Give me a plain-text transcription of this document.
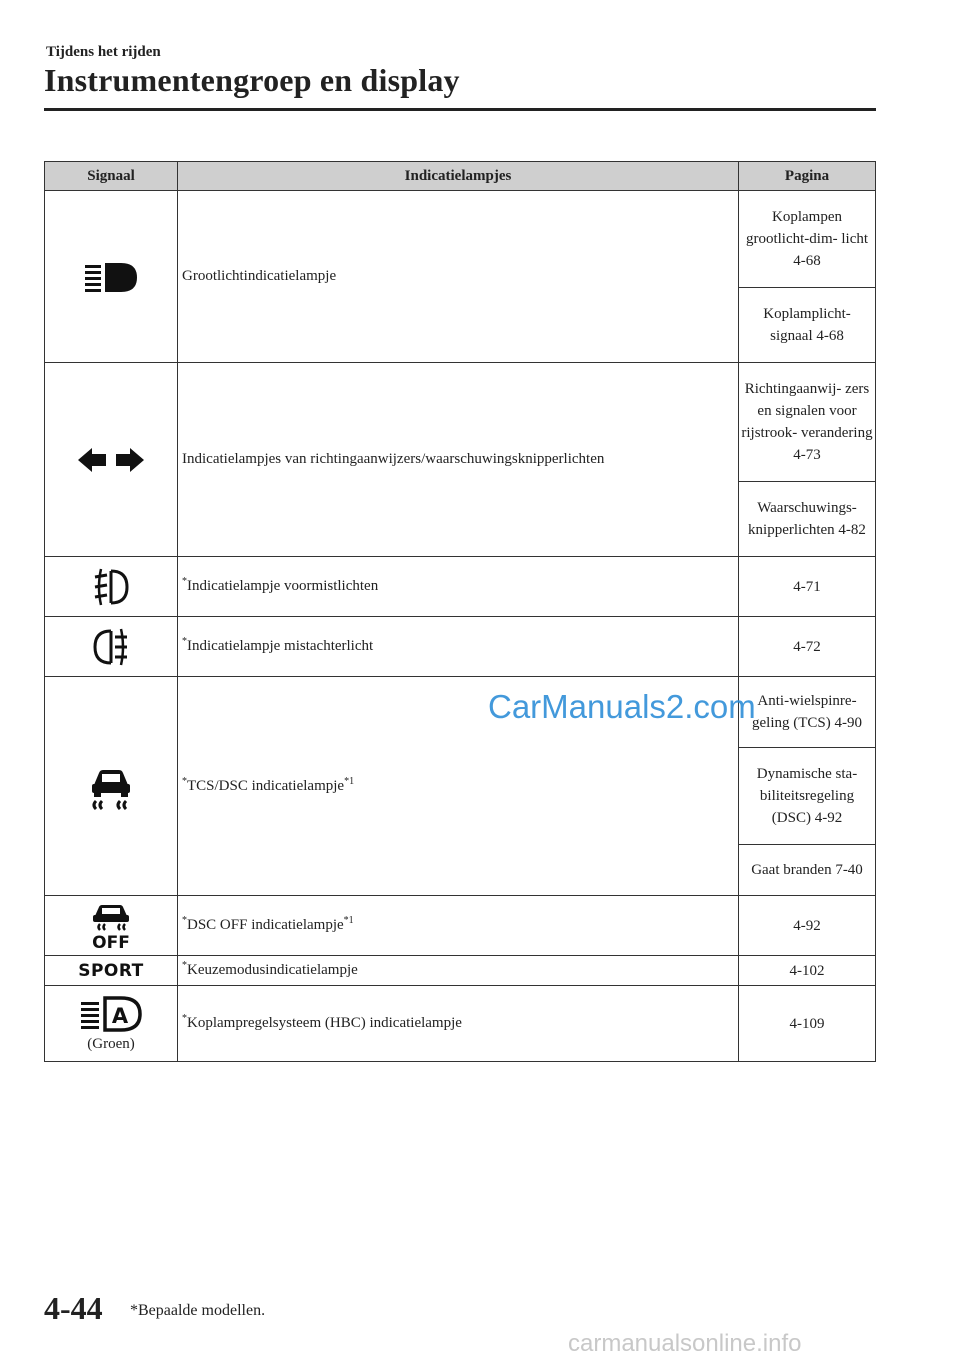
Tijdens het rijden
Instrumentengroep en display
Signaal	Indicatielampjes	Pagina
	Grootlichtindicatielampje	Koplampen grootlicht-dim- licht 4-68
		Koplamplicht- signaal 4-68
	Indicatielampjes van richtingaanwijzers/waarschuwingsknipperlichten	Richtingaanwij- zers en signalen voor rijstrook- verandering 4-73
		Waarschuwings- knipperlichten 4-82
	*Indicatielampje voormistlichten	4-71
	*Indicatielampje mistachterlicht	4-72
	*TCS/DSC indicatielampje$^{*1}$	Anti-wielspinre- geling (TCS) 4-90
		Dynamische sta- biliteitsregeling (DSC) 4-92
		Gaat branden 7-40

OFF	*DSC OFF indicatielampje$^{*1}$	4-92
SPORT	*Keuzemodusindicatielampje	4-102

A
(Groen)	*Koplampregelsysteem (HBC) indicatielampje	4-109
CarManuals2.com
4-44 *Bepaalde modellen.
carmanualsonline.info
